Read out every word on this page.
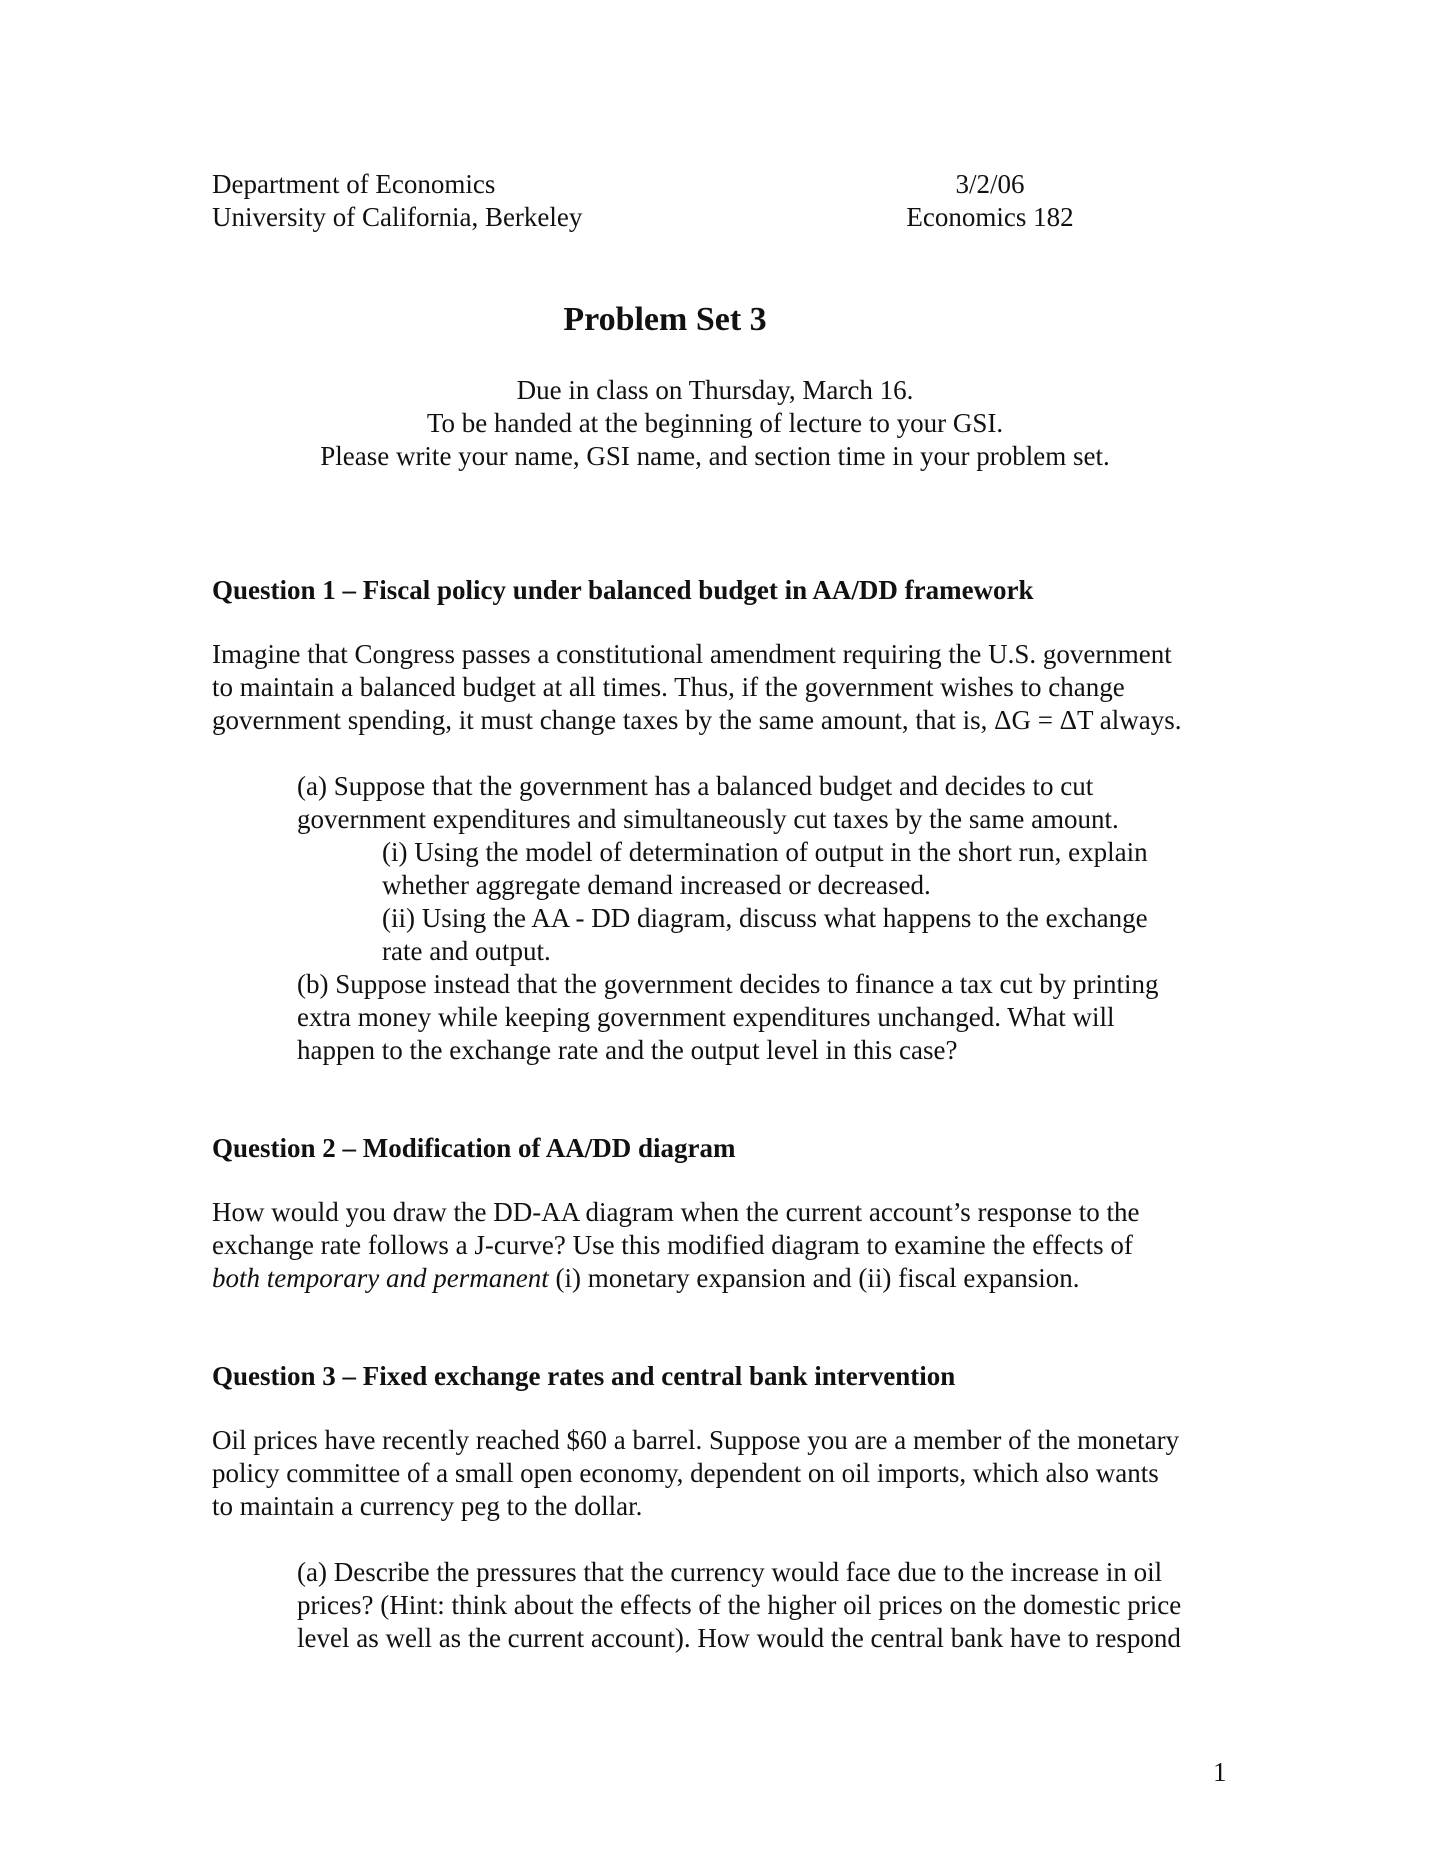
Department of Economics
University of California, Berkeley
3/2/06
Economics 182
Problem Set 3
Due in class on Thursday, March 16.
To be handed at the beginning of lecture to your GSI.
Please write your name, GSI name, and section time in your problem set.
Question 1 – Fiscal policy under balanced budget in AA/DD framework
Imagine that Congress passes a constitutional amendment requiring the U.S. government
to maintain a balanced budget at all times. Thus, if the government wishes to change
government spending, it must change taxes by the same amount, that is, ΔG = ΔT always.
(a) Suppose that the government has a balanced budget and decides to cut
government expenditures and simultaneously cut taxes by the same amount.
(i) Using the model of determination of output in the short run, explain
whether aggregate demand increased or decreased.
(ii) Using the AA - DD diagram, discuss what happens to the exchange
rate and output.
(b) Suppose instead that the government decides to finance a tax cut by printing
extra money while keeping government expenditures unchanged. What will
happen to the exchange rate and the output level in this case?
Question 2 – Modification of AA/DD diagram
How would you draw the DD-AA diagram when the current account’s response to the
exchange rate follows a J-curve? Use this modified diagram to examine the effects of
both temporary and permanent (i) monetary expansion and (ii) fiscal expansion.
Question 3 – Fixed exchange rates and central bank intervention
Oil prices have recently reached $60 a barrel. Suppose you are a member of the monetary
policy committee of a small open economy, dependent on oil imports, which also wants
to maintain a currency peg to the dollar.
(a) Describe the pressures that the currency would face due to the increase in oil
prices? (Hint: think about the effects of the higher oil prices on the domestic price
level as well as the current account). How would the central bank have to respond
1
